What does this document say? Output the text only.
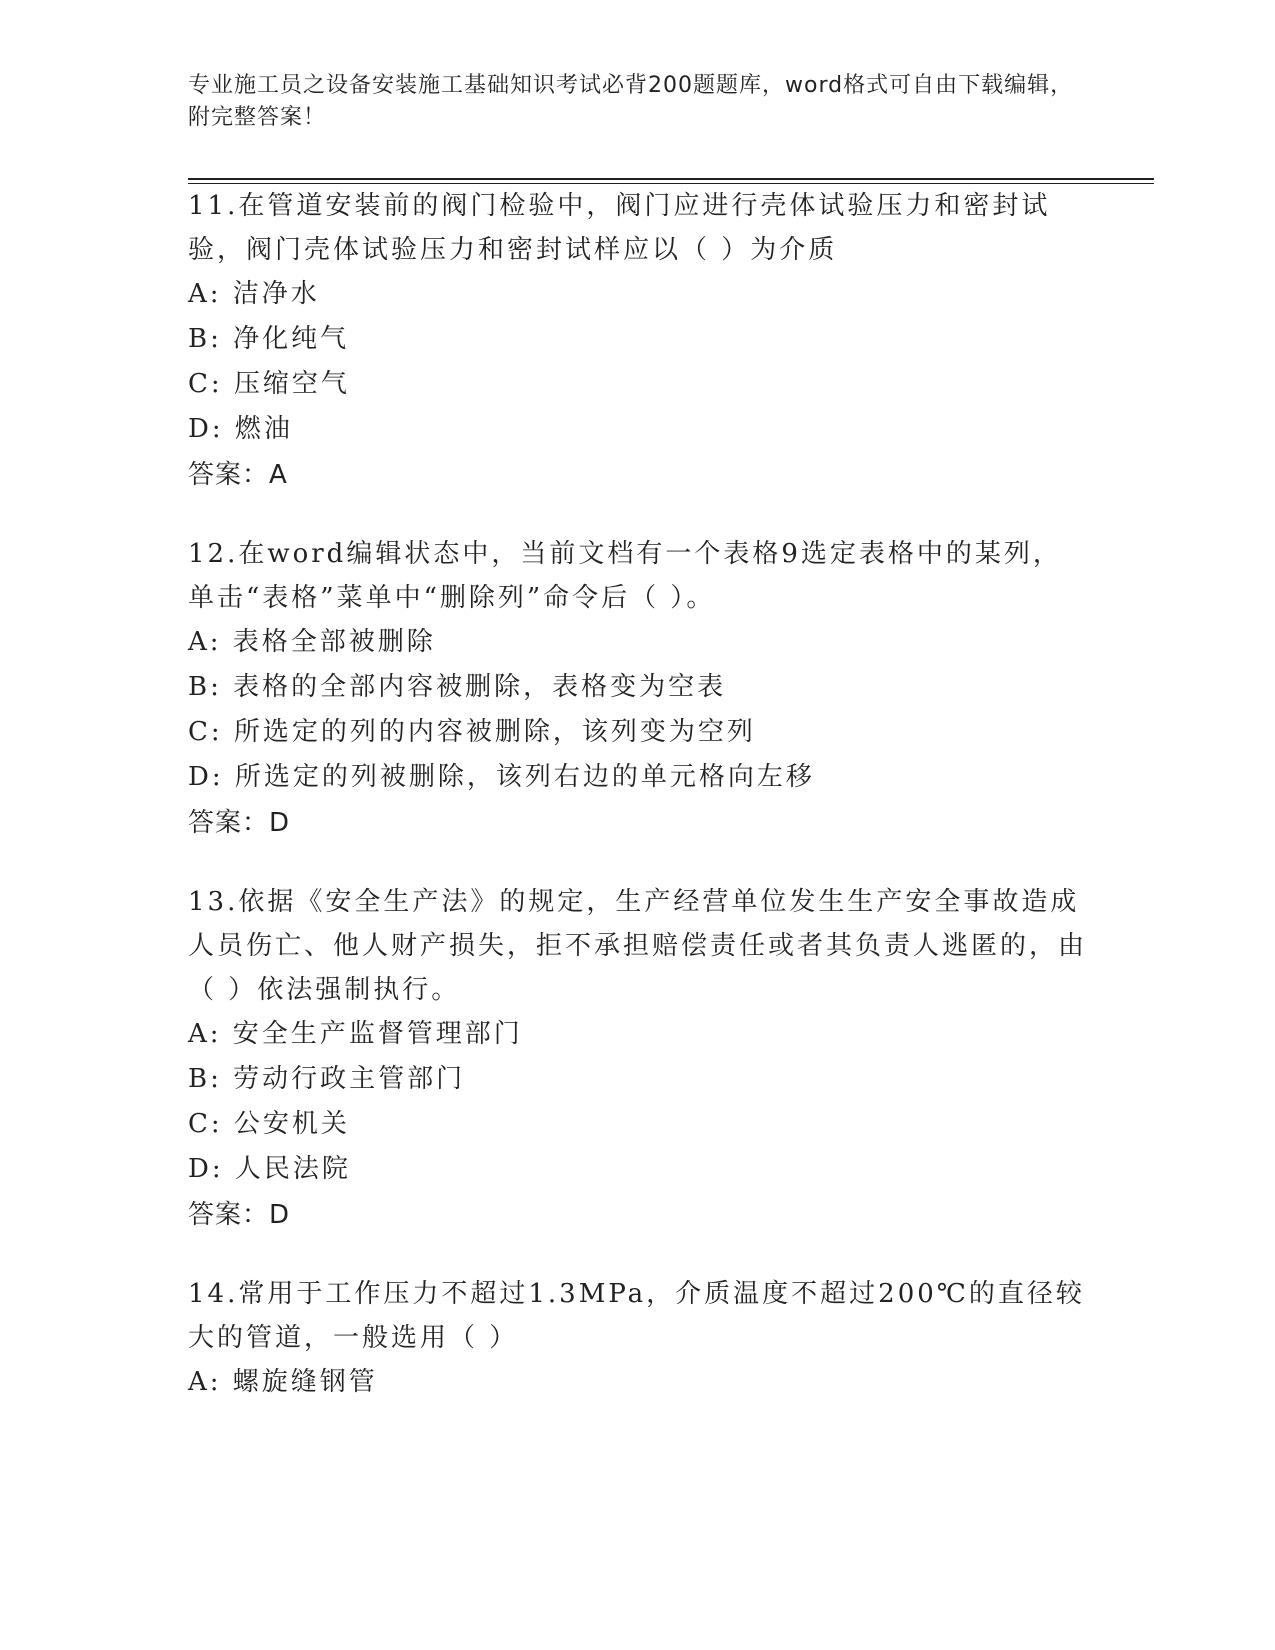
专业施工员之设备安装施工基础知识考试必背200题题库，word格式可自由下载编辑，附完整答案！

11.在管道安装前的阀门检验中，阀门应进行壳体试验压力和密封试验，阀门壳体试验压力和密封试样应以（ ）为介质

A: 洁净水

B: 净化纯气

C: 压缩空气

D: 燃油

答案：A

12.在word编辑状态中，当前文档有一个表格9选定表格中的某列，单击“表格”菜单中“删除列”命令后（ ）。

A: 表格全部被删除

B: 表格的全部内容被删除，表格变为空表

C: 所选定的列的内容被删除，该列变为空列

D: 所选定的列被删除，该列右边的单元格向左移

答案：D

13.依据《安全生产法》的规定，生产经营单位发生生产安全事故造成人员伤亡、他人财产损失，拒不承担赔偿责任或者其负责人逃匿的，由（ ）依法强制执行。

A: 安全生产监督管理部门

B: 劳动行政主管部门

C: 公安机关

D: 人民法院

答案：D

14.常用于工作压力不超过1.3MPa，介质温度不超过200℃的直径较大的管道，一般选用（ ）

A: 螺旋缝钢管
